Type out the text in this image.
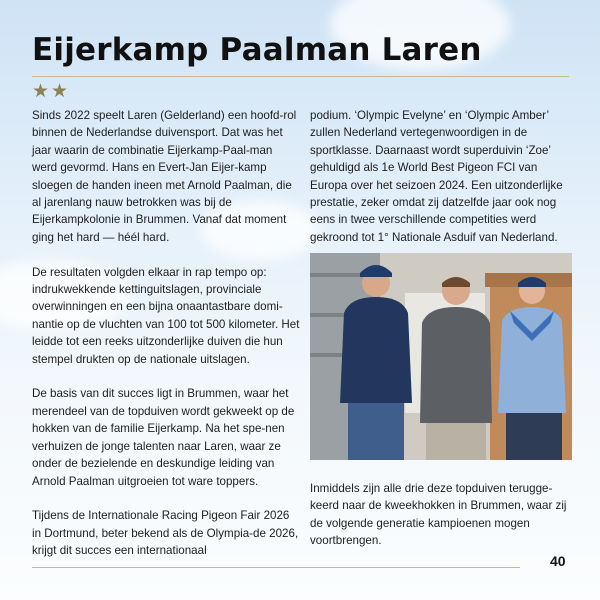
Eijerkamp Paalman Laren
★ ★

Sinds 2022 speelt Laren (Gelderland) een hoofd-rol binnen de Nederlandse duivensport. Dat was het jaar waarin de combinatie Eijerkamp-Paal-man werd gevormd. Hans en Evert-Jan Eijer-kamp sloegen de handen ineen met Arnold Paalman, die al jarenlang nauw betrokken was bij de Eijerkampkolonie in Brummen. Vanaf dat moment ging het hard — héél hard.

De resultaten volgden elkaar in rap tempo op: indrukwekkende kettinguitslagen, provinciale overwinningen en een bijna onaantastbare domi-nantie op de vluchten van 100 tot 500 kilometer. Het leidde tot een reeks uitzonderlijke duiven die hun stempel drukten op de nationale uitslagen.

De basis van dit succes ligt in Brummen, waar het merendeel van de topduiven wordt gekweekt op de hokken van de familie Eijerkamp. Na het spe-nen verhuizen de jonge talenten naar Laren, waar ze onder de bezielende en deskundige leiding van Arnold Paalman uitgroeien tot ware toppers.

Tijdens de Internationale Racing Pigeon Fair 2026 in Dortmund, beter bekend als de Olympia-de 2026, krijgt dit succes een internationaal

podium. ‘Olympic Evelyne’ en ‘Olympic Amber’ zullen Nederland vertegenwoordigen in de sportklasse. Daarnaast wordt superduivin ‘Zoe’ gehuldigd als 1e World Best Pigeon FCI van Europa over het seizoen 2024. Een uitzonderlijke prestatie, zeker omdat zij datzelfde jaar ook nog eens in twee verschillende competities werd gekroond tot 1° Nationale Asduif van Nederland.

Inmiddels zijn alle drie deze topduiven terugge-keerd naar de kweekhokken in Brummen, waar zij de volgende generatie kampioenen mogen voortbrengen.

40
